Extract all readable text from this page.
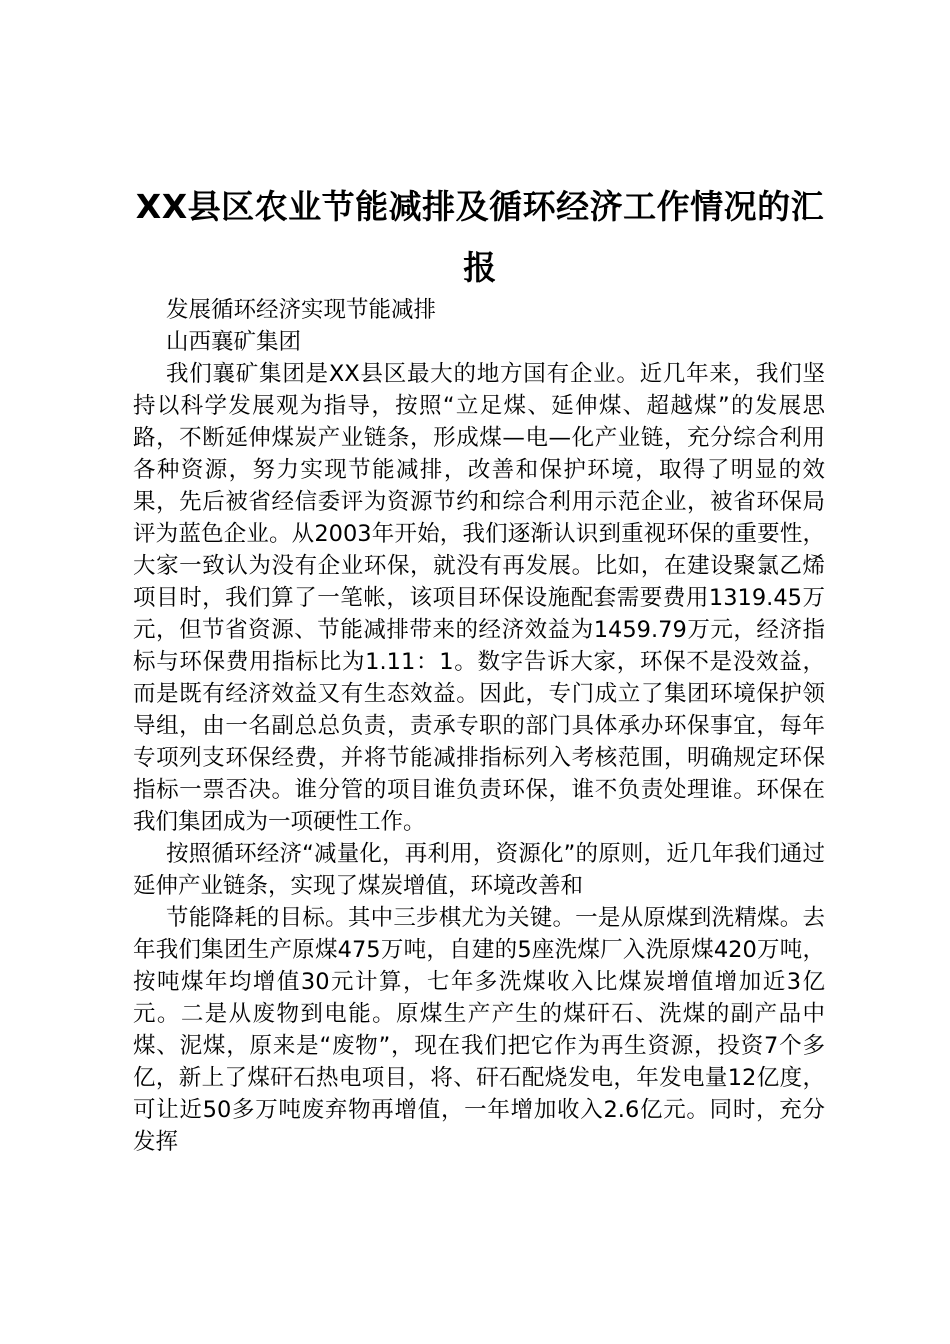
XX县区农业节能减排及循环经济工作情况的汇报

发展循环经济实现节能减排

山西襄矿集团

我们襄矿集团是XX县区最大的地方国有企业。近几年来，我们坚持以科学发展观为指导，按照“立足煤、延伸煤、超越煤”的发展思路，不断延伸煤炭产业链条，形成煤—电—化产业链，充分综合利用各种资源，努力实现节能减排，改善和保护环境，取得了明显的效果，先后被省经信委评为资源节约和综合利用示范企业，被省环保局评为蓝色企业。从2003年开始，我们逐渐认识到重视环保的重要性，大家一致认为没有企业环保，就没有再发展。比如，在建设聚氯乙烯项目时，我们算了一笔帐，该项目环保设施配套需要费用1319.45万元，但节省资源、节能减排带来的经济效益为1459.79万元，经济指标与环保费用指标比为1.11：1。数字告诉大家，环保不是没效益，而是既有经济效益又有生态效益。因此，专门成立了集团环境保护领导组，由一名副总总负责，责承专职的部门具体承办环保事宜，每年专项列支环保经费，并将节能减排指标列入考核范围，明确规定环保指标一票否决。谁分管的项目谁负责环保，谁不负责处理谁。环保在我们集团成为一项硬性工作。

按照循环经济“减量化，再利用，资源化”的原则，近几年我们通过延伸产业链条，实现了煤炭增值，环境改善和

节能降耗的目标。其中三步棋尤为关键。一是从原煤到洗精煤。去年我们集团生产原煤475万吨，自建的5座洗煤厂入洗原煤420万吨，按吨煤年均增值30元计算，七年多洗煤收入比煤炭增值增加近3亿元。二是从废物到电能。原煤生产产生的煤矸石、洗煤的副产品中煤、泥煤，原来是“废物”，现在我们把它作为再生资源，投资7个多亿，新上了煤矸石热电项目，将、矸石配烧发电，年发电量12亿度，可让近50多万吨废弃物再增值，一年增加收入2.6亿元。同时，充分发挥
